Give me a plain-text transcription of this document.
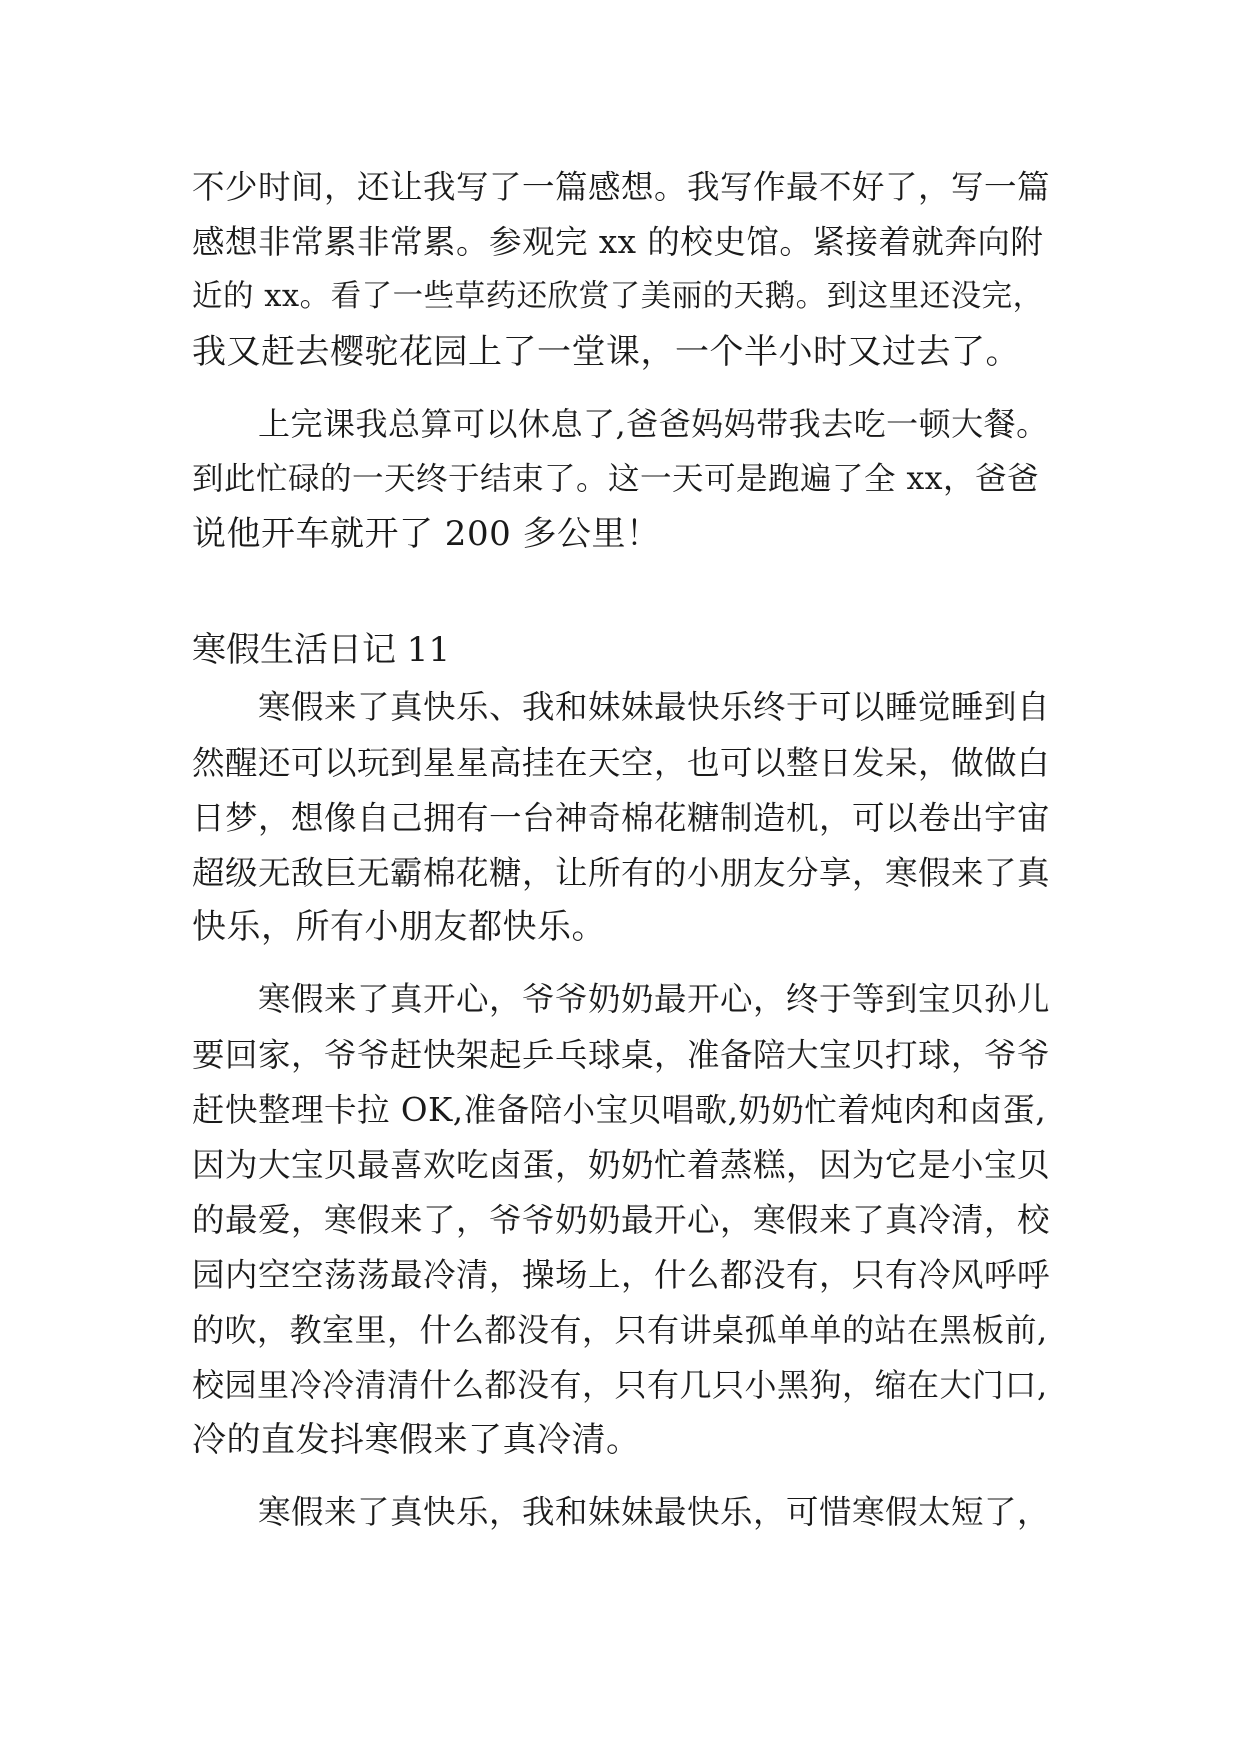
不少时间，还让我写了一篇感想。我写作最不好了，写一篇
感想非常累非常累。参观完 xx 的校史馆。紧接着就奔向附
近的 xx。看了一些草药还欣赏了美丽的天鹅。到这里还没完，
我又赶去樱驼花园上了一堂课，一个半小时又过去了。
上完课我总算可以休息了,爸爸妈妈带我去吃一顿大餐。
到此忙碌的一天终于结束了。这一天可是跑遍了全 xx，爸爸
说他开车就开了 200 多公里！
寒假生活日记 11
寒假来了真快乐、我和妹妹最快乐终于可以睡觉睡到自
然醒还可以玩到星星高挂在天空，也可以整日发呆，做做白
日梦，想像自己拥有一台神奇棉花糖制造机，可以卷出宇宙
超级无敌巨无霸棉花糖，让所有的小朋友分享，寒假来了真
快乐，所有小朋友都快乐。
寒假来了真开心，爷爷奶奶最开心，终于等到宝贝孙儿
要回家，爷爷赶快架起乒乓球桌，准备陪大宝贝打球，爷爷
赶快整理卡拉 OK,准备陪小宝贝唱歌,奶奶忙着炖肉和卤蛋,
因为大宝贝最喜欢吃卤蛋，奶奶忙着蒸糕，因为它是小宝贝
的最爱，寒假来了，爷爷奶奶最开心，寒假来了真冷清，校
园内空空荡荡最冷清，操场上，什么都没有，只有冷风呼呼
的吹，教室里，什么都没有，只有讲桌孤单单的站在黑板前,
校园里冷冷清清什么都没有，只有几只小黑狗，缩在大门口,
冷的直发抖寒假来了真冷清。
寒假来了真快乐，我和妹妹最快乐，可惜寒假太短了，
